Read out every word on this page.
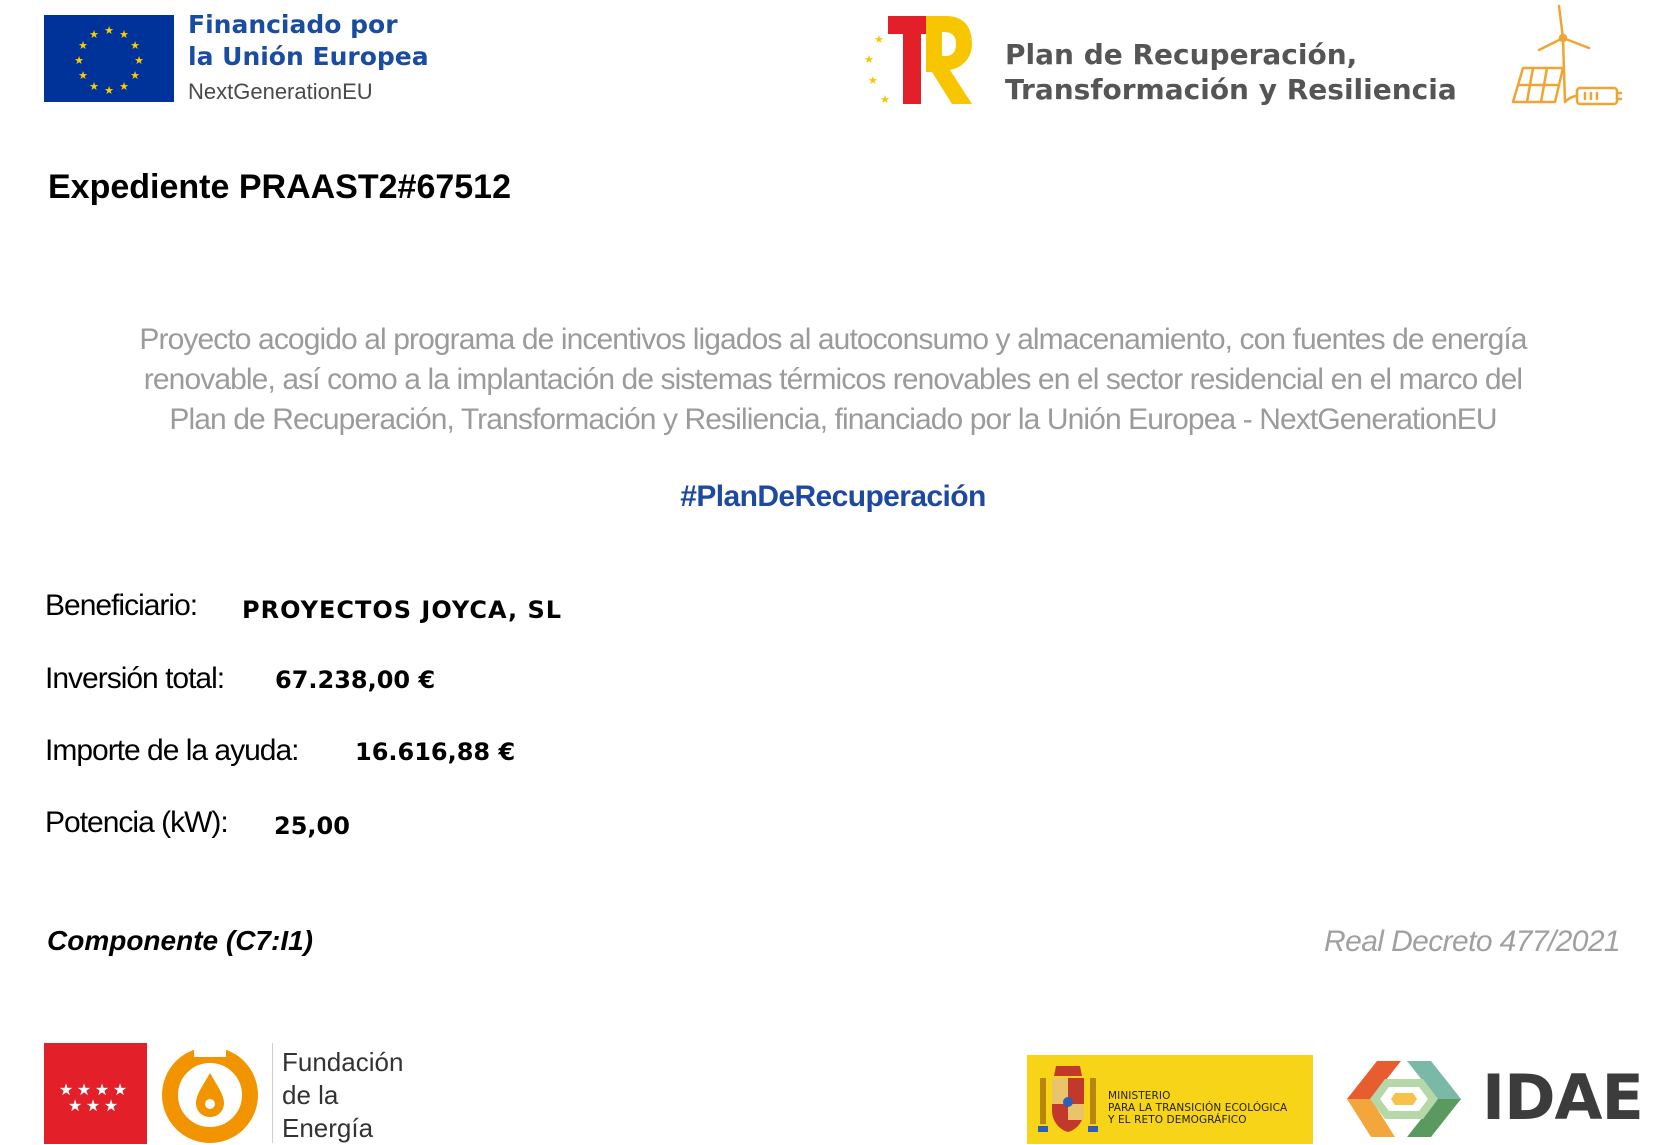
★ ★
★
★
★
★
★
★
★
★
★
★	Financiado por
la Unión Europea
NextGenerationEU
★
★
★
★
Plan de Recuperación,
Transformación y Resiliencia
Expediente PRAAST2#67512
Proyecto acogido al programa de incentivos ligados al autoconsumo y almacenamiento, con fuentes de energía
renovable, así como a la implantación de sistemas térmicos renovables en el sector residencial en el marco del
Plan de Recuperación, Transformación y Resiliencia, financiado por la Unión Europea - NextGenerationEU
#PlanDeRecuperación
Beneficiario: PROYECTOS JOYCA, SL
Inversión total: 67.238,00 €
Importe de la ayuda: 16.616,88 €
Potencia (kW): 25,00
Componente (C7:I1)	Real Decreto 477/2021
★ ★ ★ ★
★ ★ ★
Fundación
de la
Energía
MINISTERIO
PARA LA TRANSICIÓN ECOLÓGICA
Y EL RETO DEMOGRÁFICO	IDAE
